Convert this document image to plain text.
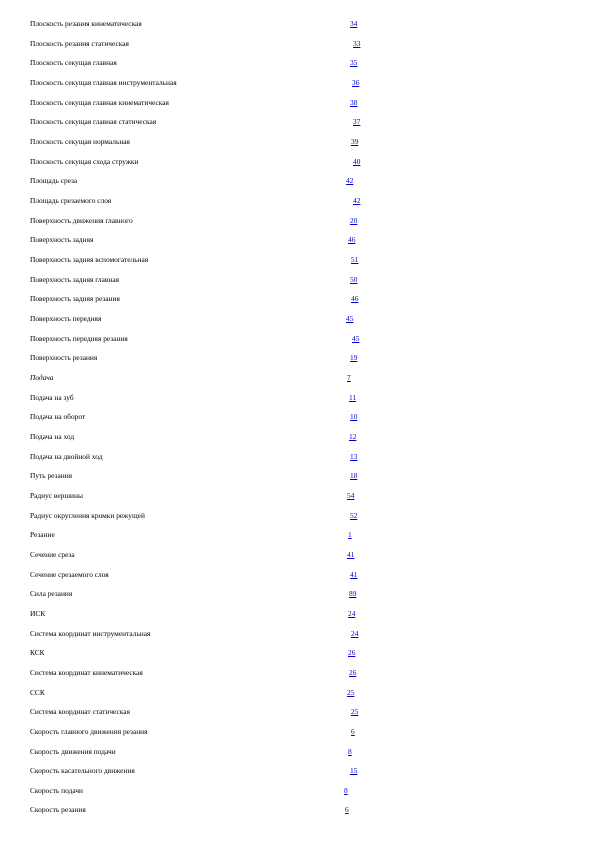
Плоскость резания кинематическая	34
Плоскость резания статическая	33
Плоскость секущая главная	35
Плоскость секущая главная инструментальная	36
Плоскость секущая главная кинематическая	38
Плоскость секущая главная статическая	37
Плоскость секущая нормальная	39
Плоскость секущая схода стружки	40
Площадь среза	42
Площадь срезаемого слоя	42
Поверхность движения главного	20
Поверхность задняя	46
Поверхность задняя вспомогательная	51
Поверхность задняя главная	50
Поверхность задняя резания	46
Поверхность передняя	45
Поверхность передняя резания	45
Поверхность резания	19
Подача	7
Подача на зуб	11
Подача на оборот	10
Подача на ход	12
Подача на двойной ход	13
Путь резания	18
Радиус вершины	54
Радиус округления кромки режущей	52
Резание	1
Сечение среза	41
Сечение срезаемого слоя	41
Сила резания	89
ИСК	24
Система координат инструментальная	24
КСК	26
Система координат кинематическая	26
ССК	25
Система координат статическая	25
Скорость главного движения резания	6
Скорость движения подачи	8
Скорость касательного движения	15
Скорость подачи	8
Скорость резания	6
